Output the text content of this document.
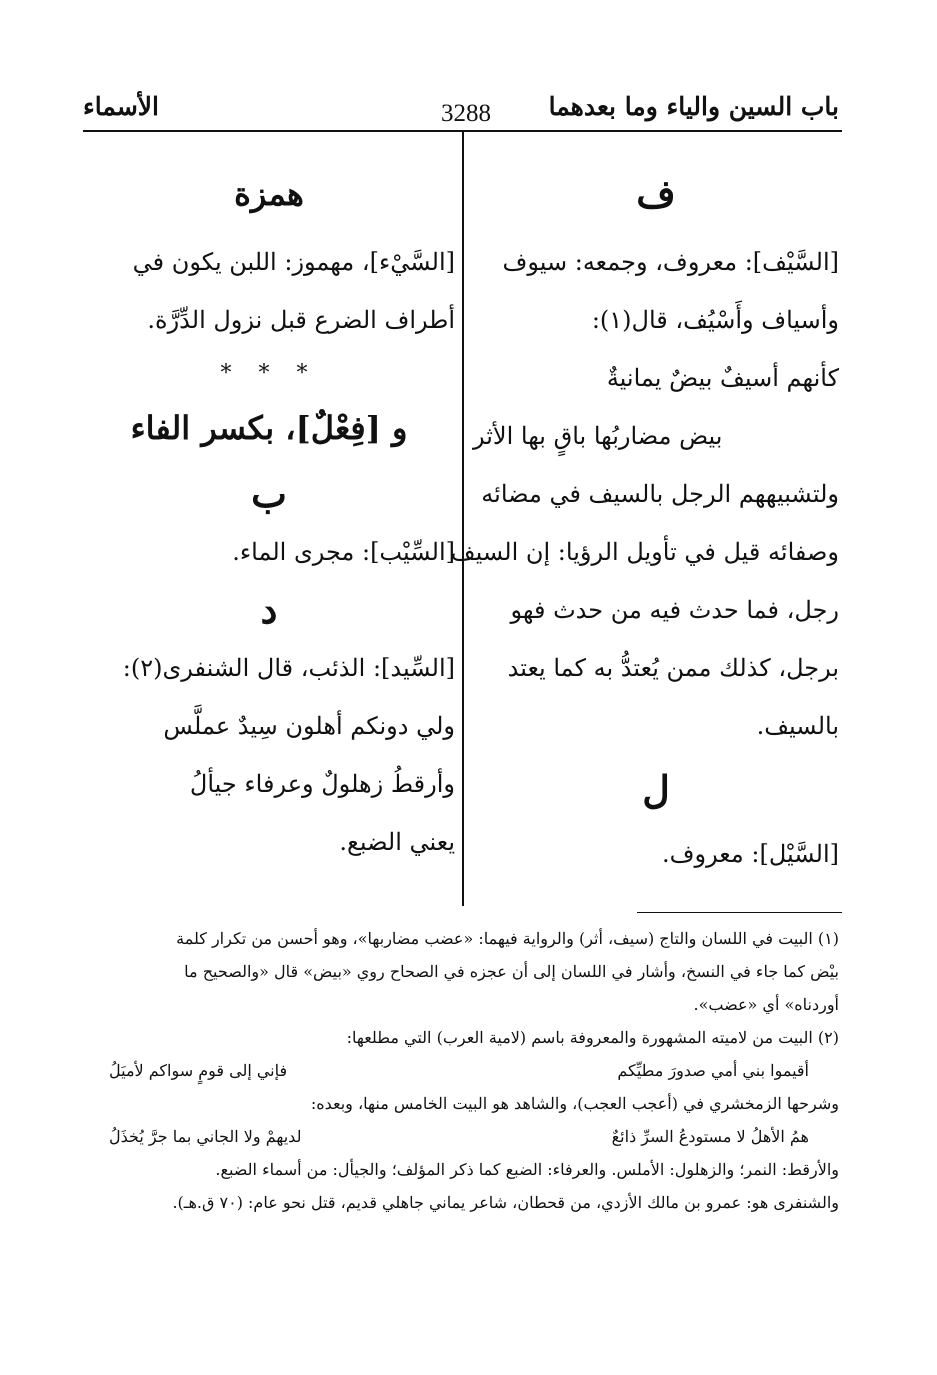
باب السين والياء وما بعدهما
3288
الأسماء
ف
[السَّيْف]: معروف، وجمعه: سيوف
وأسياف وأَسْيُف، قال(١):
كأنهم أسيفٌ بيضٌ يمانيةٌ
بيض مضاربُها باقٍ بها الأثر
ولتشبيههم الرجل بالسيف في مضائه
وصفائه قيل في تأويل الرؤيا: إن السيف
رجل، فما حدث فيه من حدث فهو
برجل، كذلك ممن يُعتدُّ به كما يعتد
بالسيف.
ل
[السَّيْل]: معروف.
همزة
[السَّيْء]، مهموز: اللبن يكون في
أطراف الضرع قبل نزول الدِّرَّة.
* * *
و [فِعْلٌ]، بكسر الفاء
ب
[السِّيْب]: مجرى الماء.
د
[السِّيد]: الذئب، قال الشنفرى(٢):
ولي دونكم أهلون سِيدٌ عملَّس
وأرقطُ زهلولٌ وعرفاء جيألُ
يعني الضبع.
(١) البيت في اللسان والتاج (سيف، أثر) والرواية فيهما: «عضب مضاربها»، وهو أحسن من تكرار كلمة
بيْض كما جاء في النسخ، وأشار في اللسان إلى أن عجزه في الصحاح روي «بيض» قال «والصحيح ما
أوردناه» أي «عضب».
(٢) البيت من لاميته المشهورة والمعروفة باسم (لامية العرب) التي مطلعها:
أقيموا بني أمي صدورَ مطيِّكم
فإني إلى قومٍ سواكم لأميَلُ
وشرحها الزمخشري في (أعجب العجب)، والشاهد هو البيت الخامس منها، وبعده:
همُ الأهلُ لا مستودعُ السرِّ ذائعٌ
لديهمْ ولا الجاني بما جرَّ يُخذَلُ
والأرقط: النمر؛ والزهلول: الأملس. والعرفاء: الضبع كما ذكر المؤلف؛ والجيأل: من أسماء الضبع.
والشنفرى هو: عمرو بن مالك الأزدي، من قحطان، شاعر يماني جاهلي قديم، قتل نحو عام: (٧٠ ق.هـ).
